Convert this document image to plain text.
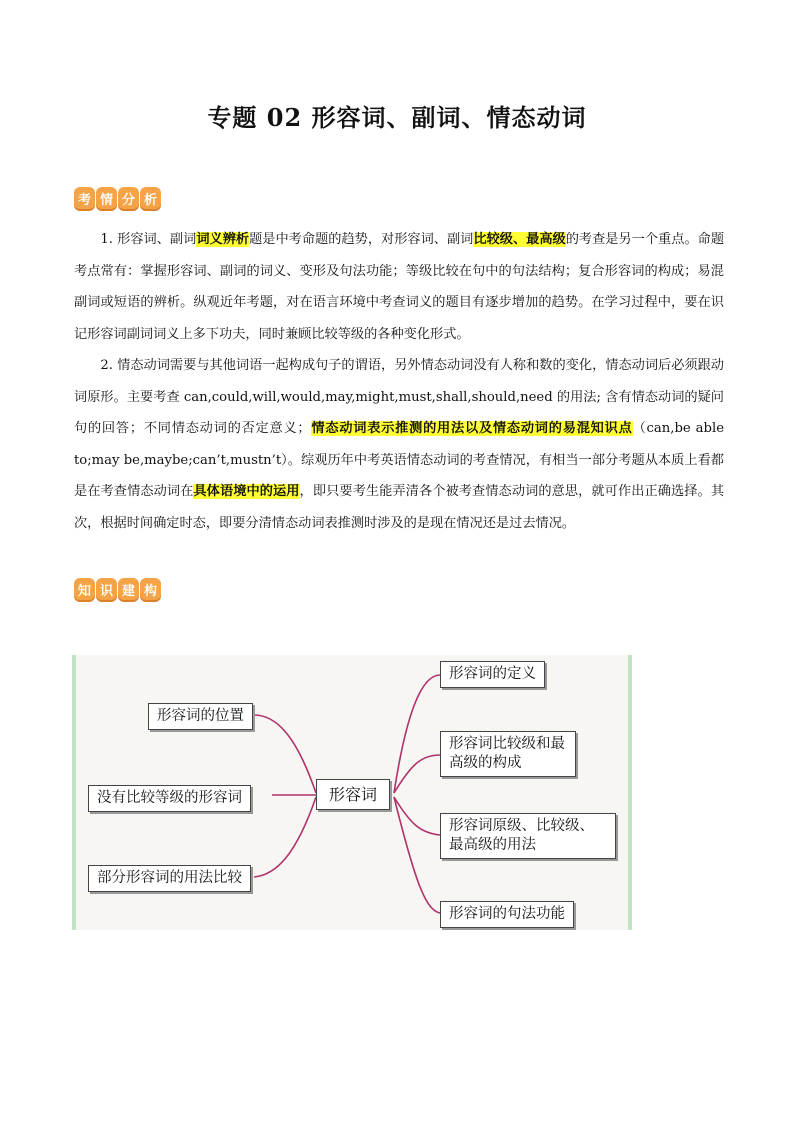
专题 02 形容词、副词、情态动词
考 情 分 析

1. 形容词、副词词义辨析题是中考命题的趋势，对形容词、副词比较级、最高级的考查是另一个重点。命题考点常有：掌握形容词、副词的词义、变形及句法功能；等级比较在句中的句法结构；复合形容词的构成；易混副词或短语的辨析。纵观近年考题，对在语言环境中考查词义的题目有逐步增加的趋势。在学习过程中，要在识记形容词副词词义上多下功夫，同时兼顾比较等级的各种变化形式。

2. 情态动词需要与其他词语一起构成句子的谓语，另外情态动词没有人称和数的变化，情态动词后必须跟动词原形。主要考查 can,could,will,would,may,might,must,shall,should,need 的用法; 含有情态动词的疑问句的回答；不同情态动词的否定意义；情态动词表示推测的用法以及情态动词的易混知识点（can,be able to;may be,maybe;can’t,mustn’t）。综观历年中考英语情态动词的考查情况，有相当一部分考题从本质上看都是在考查情态动词在具体语境中的运用，即只要考生能弄清各个被考查情态动词的意思，就可作出正确选择。其次，根据时间确定时态，即要分清情态动词表推测时涉及的是现在情况还是过去情况。

知 识 建 构
形容词的位置
没有比较等级的形容词
部分形容词的用法比较
形容词
形容词的定义
形容词比较级和最高级的构成
形容词原级、比较级、最高级的用法
形容词的句法功能
